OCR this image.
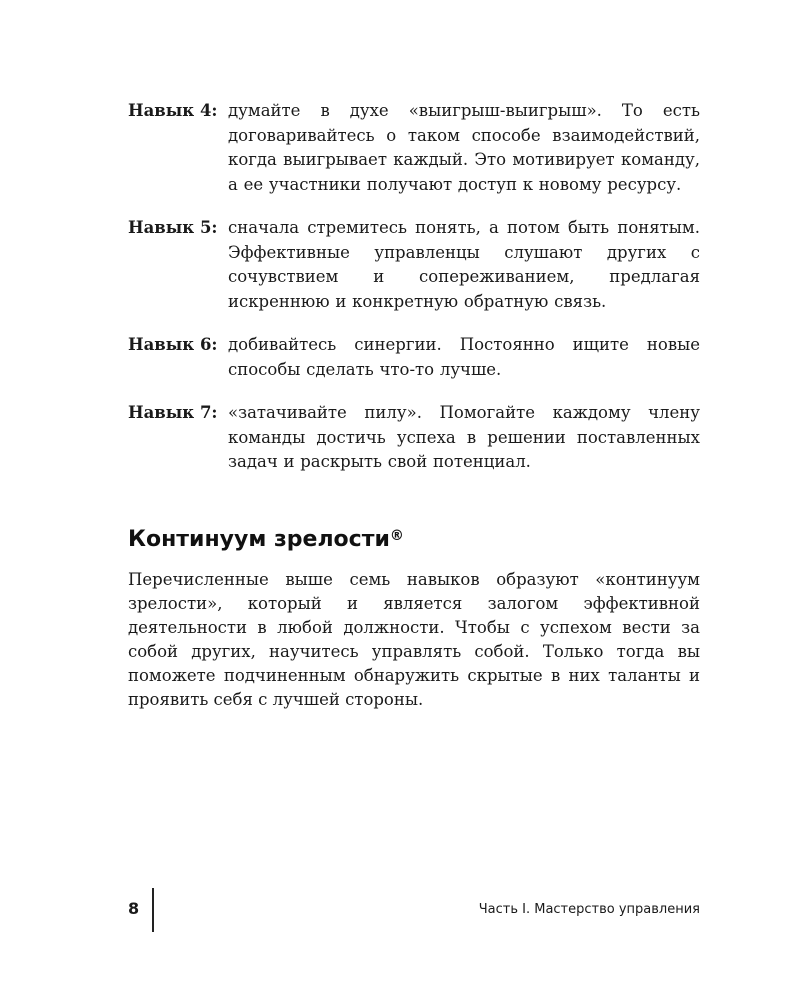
Навык 4: думайте в духе «выигрыш-выигрыш». То есть договаривайтесь о таком способе взаимодействий, когда выигрывает каждый. Это мотивирует команду, а ее участники получают доступ к новому ресурсу.
Навык 5: сначала стремитесь понять, а потом быть понятым. Эффективные управленцы слушают других с сочувствием и сопереживанием, предлагая искреннюю и конкретную обратную связь.
Навык 6: добивайтесь синергии. Постоянно ищите новые способы сделать что-то лучше.
Навык 7: «затачивайте пилу». Помогайте каждому члену команды достичь успеха в решении поставленных задач и раскрыть свой потенциал.
Континуум зрелости®

Перечисленные выше семь навыков образуют «континуум зрелости», который и является залогом эффективной деятельности в любой должности. Чтобы с успехом вести за собой других, научитесь управлять собой. Только тогда вы поможете подчиненным обнаружить скрытые в них таланты и проявить себя с лучшей стороны.

8	Часть I. Мастерство управления
